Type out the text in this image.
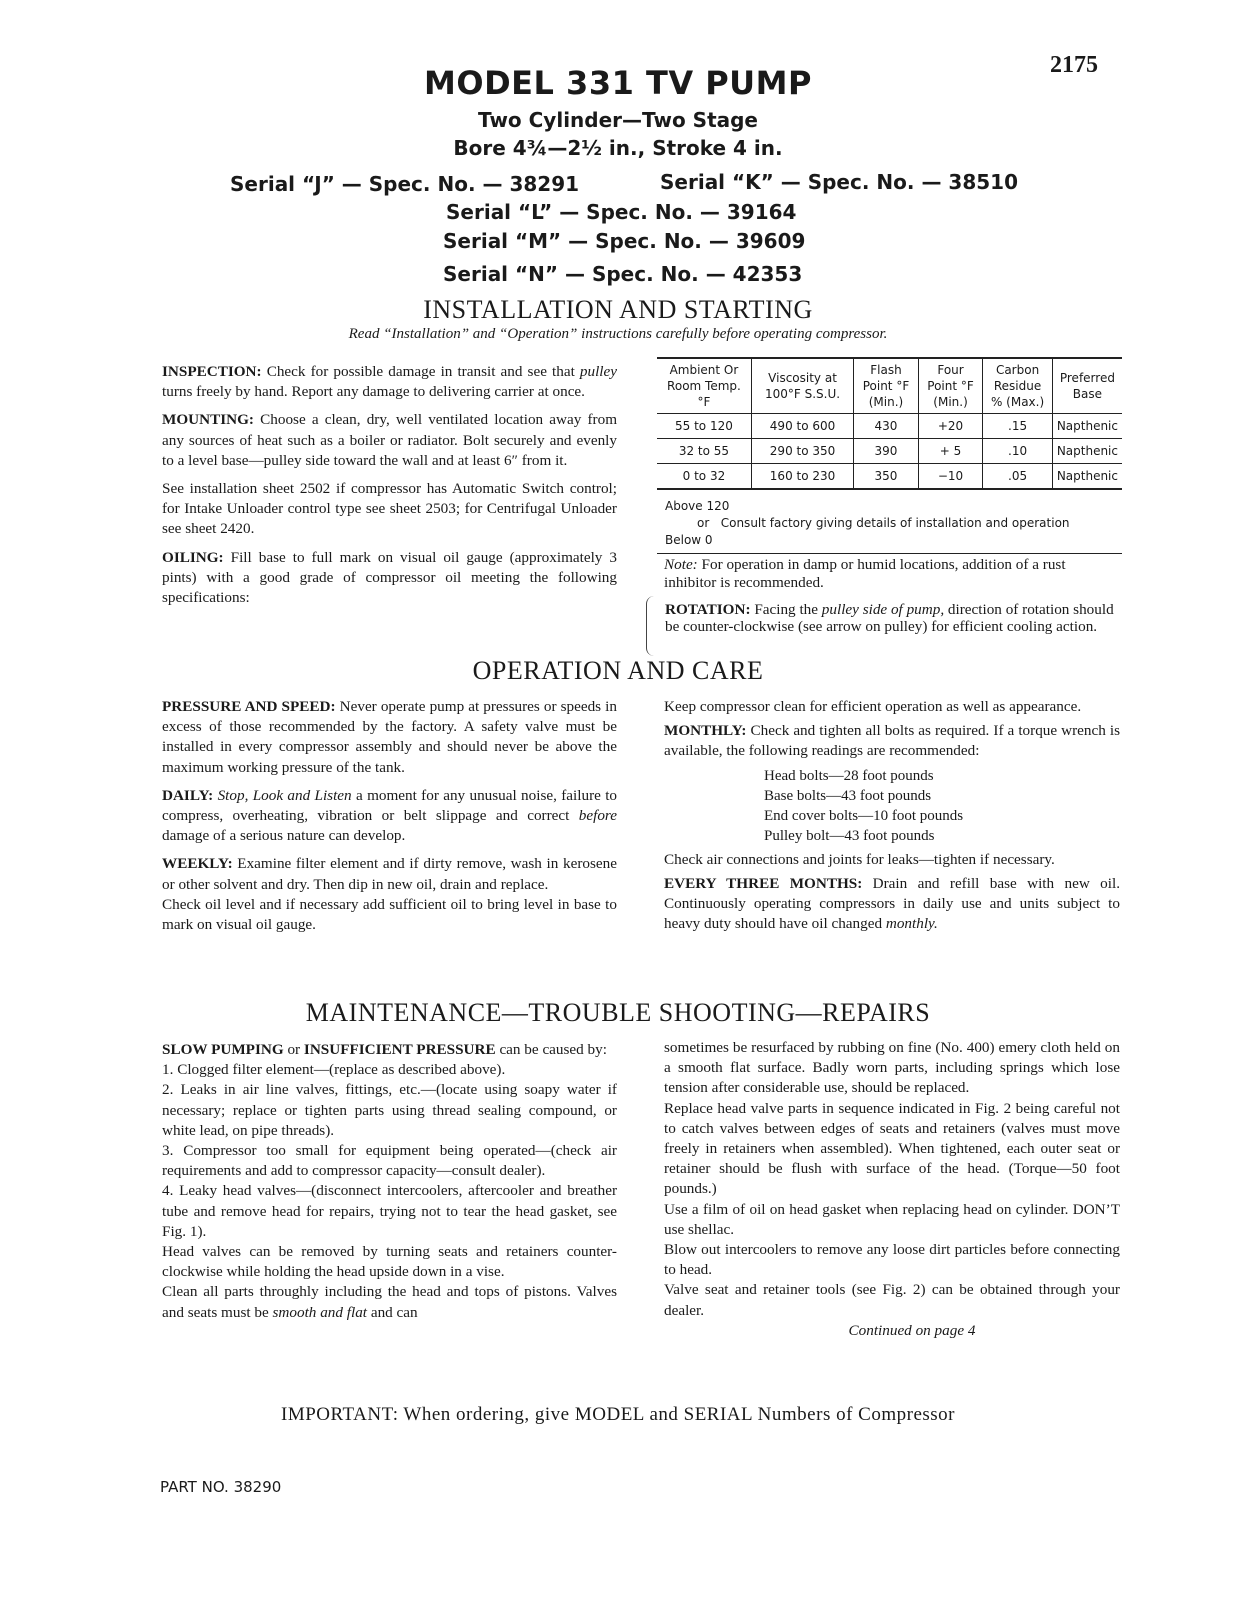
2175
MODEL 331 TV PUMP
Two Cylinder—Two Stage
Bore 4¾—2½ in., Stroke 4 in.
Serial “J” — Spec. No. — 38291	Serial “K” — Spec. No. — 38510
Serial “L” — Spec. No. — 39164
Serial “M” — Spec. No. — 39609
Serial “N” — Spec. No. — 42353
INSTALLATION AND STARTING
Read “Installation” and “Operation” instructions carefully before operating compressor.

INSPECTION: Check for possible damage in transit and see that pulley turns freely by hand. Report any damage to delivering carrier at once.

MOUNTING: Choose a clean, dry, well ventilated location away from any sources of heat such as a boiler or radiator. Bolt securely and evenly to a level base—pulley side toward the wall and at least 6″ from it.

See installation sheet 2502 if compressor has Automatic Switch control; for Intake Unloader control type see sheet 2503; for Centrifugal Unloader see sheet 2420.

OILING: Fill base to full mark on visual oil gauge (approximately 3 pints) with a good grade of compressor oil meeting the following specifications:

Ambient Or Room Temp. °F	Viscosity at 100°F S.S.U.	Flash Point °F (Min.)	Four Point °F (Min.)	Carbon Residue % (Max.)	Preferred Base
55 to 120	490 to 600	430	+20	.15	Napthenic
32 to 55	290 to 350	390	+ 5	.10	Napthenic
0 to 32	160 to 230	350	−10	.05	Napthenic
Above 120
or Consult factory giving details of installation and operation
Below 0
Note: For operation in damp or humid locations, addition of a rust inhibitor is recommended.
ROTATION: Facing the pulley side of pump, direction of rotation should be counter-clockwise (see arrow on pulley) for efficient cooling action.
OPERATION AND CARE

PRESSURE AND SPEED: Never operate pump at pressures or speeds in excess of those recommended by the factory. A safety valve must be installed in every compressor assembly and should never be above the maximum working pressure of the tank.

DAILY: Stop, Look and Listen a moment for any unusual noise, failure to compress, overheating, vibration or belt slippage and correct before damage of a serious nature can develop.

WEEKLY: Examine filter element and if dirty remove, wash in kerosene or other solvent and dry. Then dip in new oil, drain and replace.

Check oil level and if necessary add sufficient oil to bring level in base to mark on visual oil gauge.

Keep compressor clean for efficient operation as well as appearance.

MONTHLY: Check and tighten all bolts as required. If a torque wrench is available, the following readings are recommended:

Head bolts—28 foot pounds
Base bolts—43 foot pounds
End cover bolts—10 foot pounds
Pulley bolt—43 foot pounds

Check air connections and joints for leaks—tighten if necessary.

EVERY THREE MONTHS: Drain and refill base with new oil. Continuously operating compressors in daily use and units subject to heavy duty should have oil changed monthly.

MAINTENANCE—TROUBLE SHOOTING—REPAIRS
SLOW PUMPING or INSUFFICIENT PRESSURE can be caused by:
1. Clogged filter element—(replace as described above).
2. Leaks in air line valves, fittings, etc.—(locate using soapy water if necessary; replace or tighten parts using thread sealing compound, or white lead, on pipe threads).
3. Compressor too small for equipment being operated—(check air requirements and add to compressor capacity—consult dealer).
4. Leaky head valves—(disconnect intercoolers, aftercooler and breather tube and remove head for repairs, trying not to tear the head gasket, see Fig. 1).
Head valves can be removed by turning seats and retainers counter-clockwise while holding the head upside down in a vise.
Clean all parts throughly including the head and tops of pistons. Valves and seats must be smooth and flat and can
sometimes be resurfaced by rubbing on fine (No. 400) emery cloth held on a smooth flat surface. Badly worn parts, including springs which lose tension after considerable use, should be replaced.
Replace head valve parts in sequence indicated in Fig. 2 being careful not to catch valves between edges of seats and retainers (valves must move freely in retainers when assembled). When tightened, each outer seat or retainer should be flush with surface of the head. (Torque—50 foot pounds.)
Use a film of oil on head gasket when replacing head on cylinder. DON’T use shellac.
Blow out intercoolers to remove any loose dirt particles before connecting to head.
Valve seat and retainer tools (see Fig. 2) can be obtained through your dealer.
Continued on page 4
IMPORTANT: When ordering, give MODEL and SERIAL Numbers of Compressor
PART NO. 38290
